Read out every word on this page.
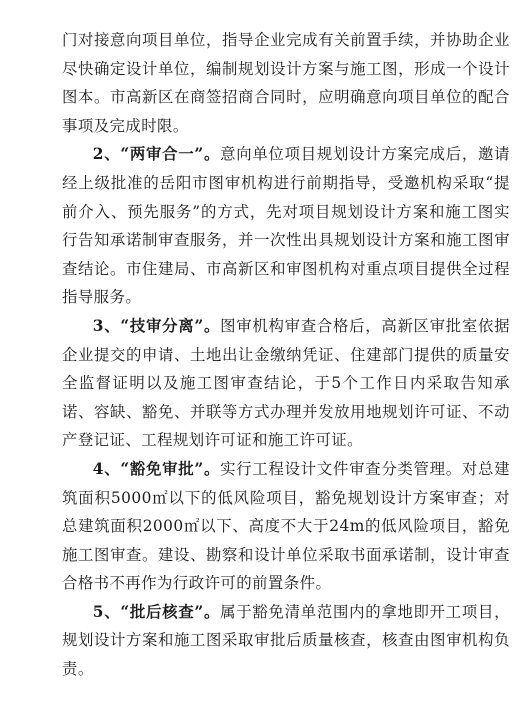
门对接意向项目单位，指导企业完成有关前置手续，并协助企业尽快确定设计单位，编制规划设计方案与施工图，形成一个设计图本。市高新区在商签招商合同时，应明确意向项目单位的配合事项及完成时限。

2、“两审合一”。意向单位项目规划设计方案完成后，邀请经上级批准的岳阳市图审机构进行前期指导，受邀机构采取“提前介入、预先服务”的方式，先对项目规划设计方案和施工图实行告知承诺制审查服务，并一次性出具规划设计方案和施工图审查结论。市住建局、市高新区和审图机构对重点项目提供全过程指导服务。

3、“技审分离”。图审机构审查合格后，高新区审批室依据企业提交的申请、土地出让金缴纳凭证、住建部门提供的质量安全监督证明以及施工图审查结论，于5个工作日内采取告知承诺、容缺、豁免、并联等方式办理并发放用地规划许可证、不动产登记证、工程规划许可证和施工许可证。

4、“豁免审批”。实行工程设计文件审查分类管理。对总建筑面积5000㎡以下的低风险项目，豁免规划设计方案审查；对总建筑面积2000㎡以下、高度不大于24m的低风险项目，豁免施工图审查。建设、勘察和设计单位采取书面承诺制，设计审查合格书不再作为行政许可的前置条件。

5、“批后核查”。属于豁免清单范围内的拿地即开工项目，规划设计方案和施工图采取审批后质量核查，核查由图审机构负责。
